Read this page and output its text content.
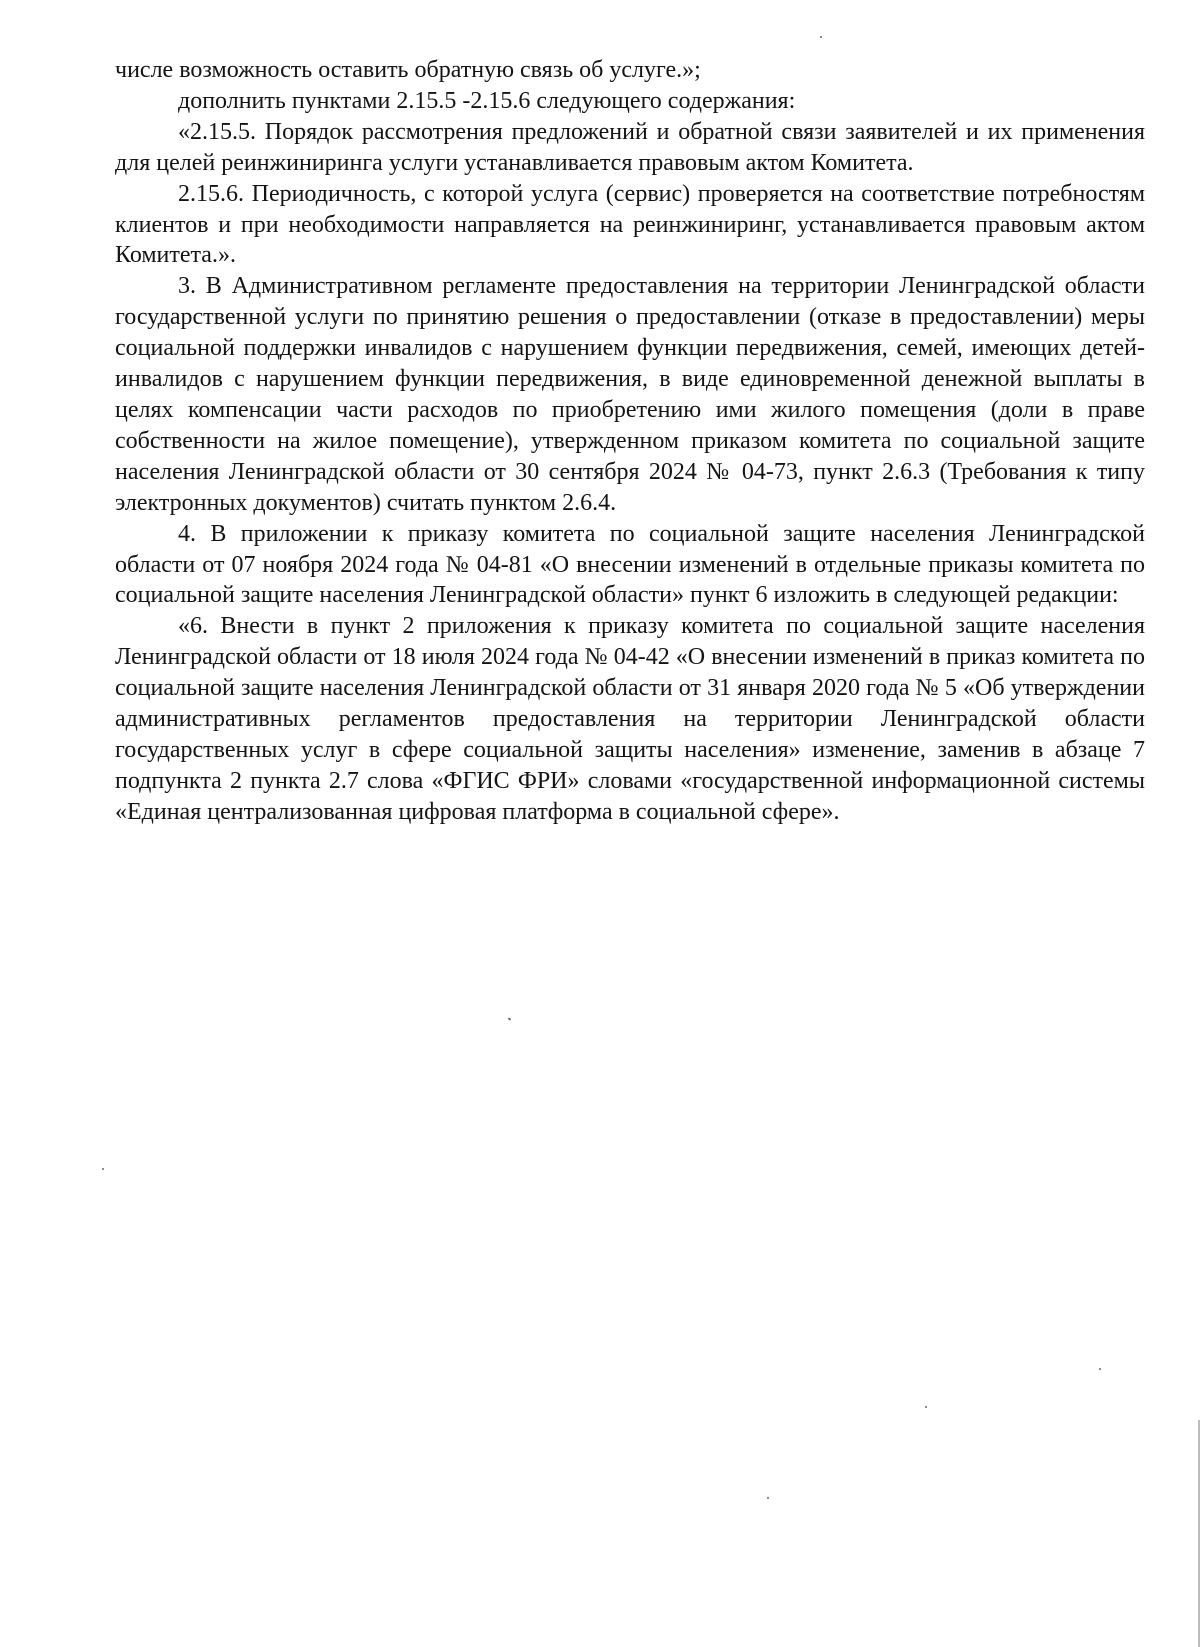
числе возможность оставить обратную связь об услуге.»;

дополнить пунктами 2.15.5 -2.15.6 следующего содержания:

«2.15.5. Порядок рассмотрения предложений и обратной связи заявителей и их применения для целей реинжиниринга услуги устанавливается правовым актом Комитета.

2.15.6. Периодичность, с которой услуга (сервис) проверяется на соответствие потребностям клиентов и при необходимости направляется на реинжиниринг, устанавливается правовым актом Комитета.».

3. В Административном регламенте предоставления на территории Ленинградской области государственной услуги по принятию решения о предоставлении (отказе в предоставлении) меры социальной поддержки инвалидов с нарушением функции передвижения, семей, имеющих детей-инвалидов с нарушением функции передвижения, в виде единовременной денежной выплаты в целях компенсации части расходов по приобретению ими жилого помещения (доли в праве собственности на жилое помещение), утвержденном приказом комитета по социальной защите населения Ленинградской области от 30 сентября 2024 № 04-73, пункт 2.6.3 (Требования к типу электронных документов) считать пунктом 2.6.4.

4. В приложении к приказу комитета по социальной защите населения Ленинградской области от 07 ноября 2024 года № 04-81 «О внесении изменений в отдельные приказы комитета по социальной защите населения Ленинградской области» пункт 6 изложить в следующей редакции:

«6. Внести в пункт 2 приложения к приказу комитета по социальной защите населения Ленинградской области от 18 июля 2024 года № 04-42 «О внесении изменений в приказ комитета по социальной защите населения Ленинградской области от 31 января 2020 года № 5 «Об утверждении административных регламентов предоставления на территории Ленинградской области государственных услуг в сфере социальной защиты населения» изменение, заменив в абзаце 7 подпункта 2 пункта 2.7 слова «ФГИС ФРИ» словами «государственной информационной системы «Единая централизованная цифровая платформа в социальной сфере».
